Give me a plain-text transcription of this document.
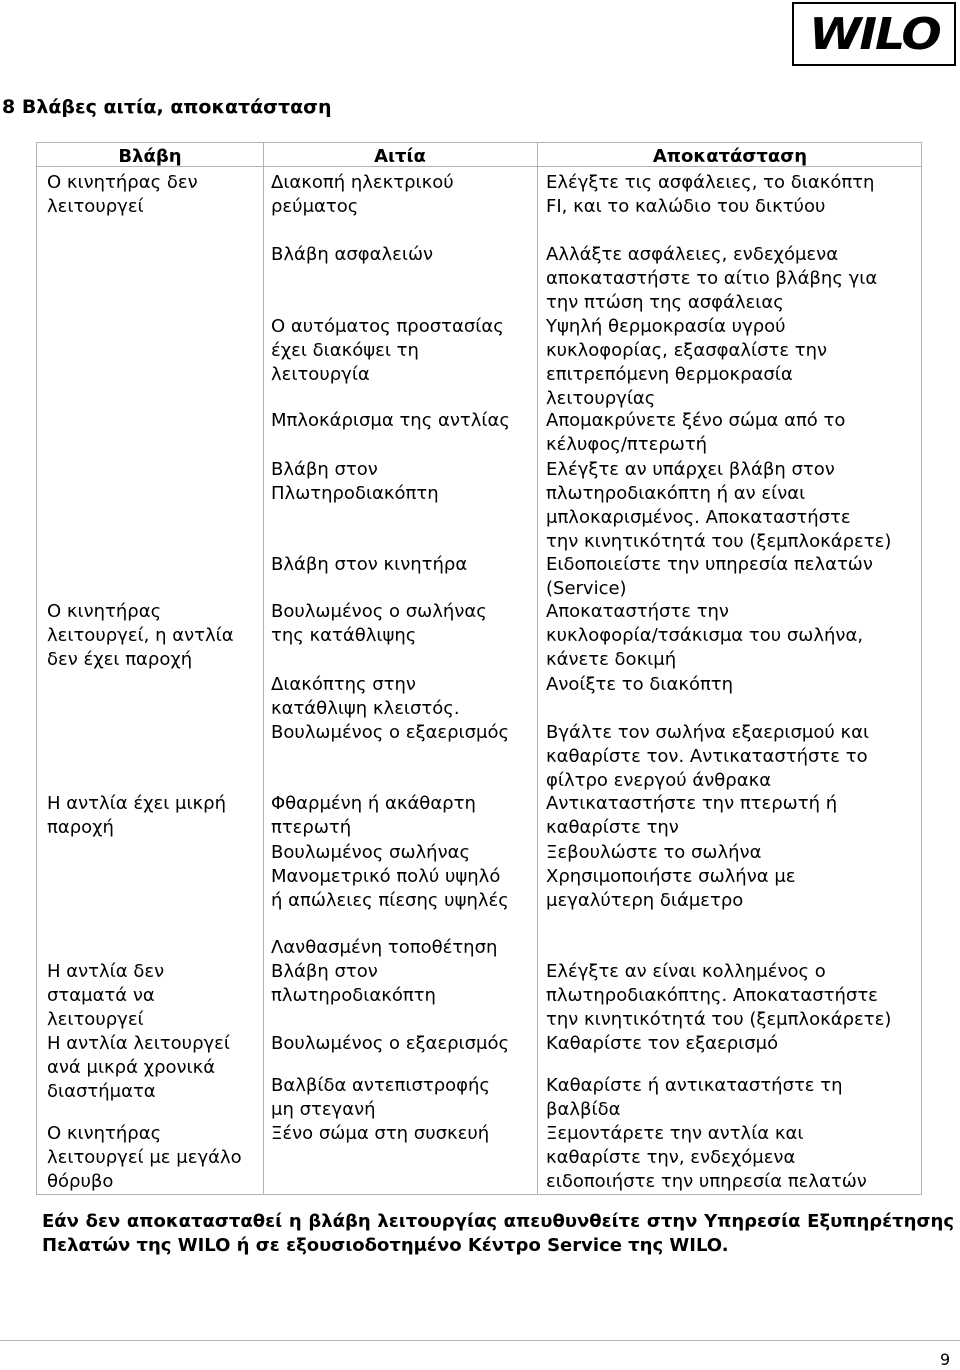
WILO
8 Βλάβες αιτία, αποκατάσταση
Βλάβη	Αιτία	Αποκατάσταση
Ο κινητήρας δεν
λειτουργεί
Ο κινητήρας
λειτουργεί, η αντλία
δεν έχει παροχή
Η αντλία έχει μικρή
παροχή
Η αντλία δεν
σταματά να
λειτουργεί
Η αντλία λειτουργεί
ανά μικρά χρονικά
διαστήματα
Ο κινητήρας
λειτουργεί με μεγάλο
θόρυβο
Διακοπή ηλεκτρικού
ρεύματος
Βλάβη ασφαλειών
Ο αυτόματος προστασίας
έχει διακόψει τη
λειτουργία
Μπλοκάρισμα της αντλίας
Βλάβη στον
Πλωτηροδιακόπτη
Βλάβη στον κινητήρα
Βουλωμένος ο σωλήνας
της κατάθλιψης
Διακόπτης στην
κατάθλιψη κλειστός.
Βουλωμένος ο εξαερισμός
Φθαρμένη ή ακάθαρτη
πτερωτή
Βουλωμένος σωλήνας
Μανομετρικό πολύ υψηλό
ή απώλειες πίεσης υψηλές
Λανθασμένη τοποθέτηση
Βλάβη στον
πλωτηροδιακόπτη
Βουλωμένος ο εξαερισμός
Βαλβίδα αντεπιστροφής
μη στεγανή
Ξένο σώμα στη συσκευή
Ελέγξτε τις ασφάλειες, το διακόπτη
FI, και το καλώδιο του δικτύου
Αλλάξτε ασφάλειες, ενδεχόμενα
αποκαταστήστε το αίτιο βλάβης για
την πτώση της ασφάλειας
Υψηλή θερμοκρασία υγρού
κυκλοφορίας, εξασφαλίστε την
επιτρεπόμενη θερμοκρασία
λειτουργίας
Απομακρύνετε ξένο σώμα από το
κέλυφος/πτερωτή
Ελέγξτε αν υπάρχει βλάβη στον
πλωτηροδιακόπτη ή αν είναι
μπλοκαρισμένος. Αποκαταστήστε
την κινητικότητά του (ξεμπλοκάρετε)
Ειδοποιείστε την υπηρεσία πελατών
(Service)
Αποκαταστήστε την
κυκλοφορία/τσάκισμα του σωλήνα,
κάνετε δοκιμή
Ανοίξτε το διακόπτη
Βγάλτε τον σωλήνα εξαερισμού και
καθαρίστε τον. Αντικαταστήστε το
φίλτρο ενεργού άνθρακα
Αντικαταστήστε την πτερωτή ή
καθαρίστε την
Ξεβουλώστε το σωλήνα
Χρησιμοποιήστε σωλήνα με
μεγαλύτερη διάμετρο
Ελέγξτε αν είναι κολλημένος ο
πλωτηροδιακόπτης. Αποκαταστήστε
την κινητικότητά του (ξεμπλοκάρετε)
Καθαρίστε τον εξαερισμό
Καθαρίστε ή αντικαταστήστε τη
βαλβίδα
Ξεμοντάρετε την αντλία και
καθαρίστε την, ενδεχόμενα
ειδοποιήστε την υπηρεσία πελατών
Εάν δεν αποκατασταθεί η βλάβη λειτουργίας απευθυνθείτε στην Υπηρεσία Εξυπηρέτησης Πελατών της WILO ή σε εξουσιοδοτημένο Κέντρο Service της WILO.
9
